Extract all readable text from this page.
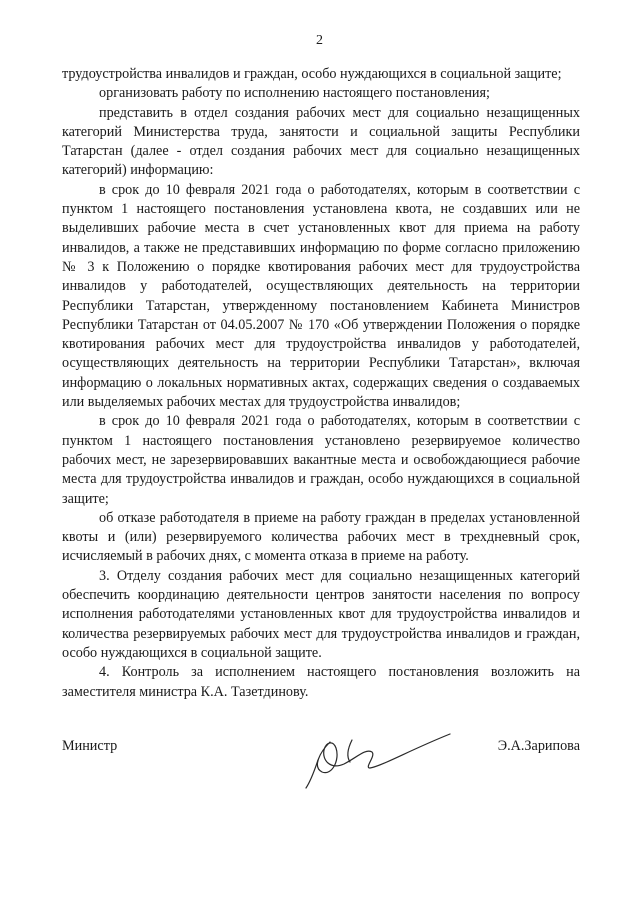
2

трудоустройства инвалидов и граждан, особо нуждающихся в социальной защите;

организовать работу по исполнению настоящего постановления;

представить в отдел создания рабочих мест для социально незащищенных категорий Министерства труда, занятости и социальной защиты Республики Татарстан (далее - отдел создания рабочих мест для социально незащищенных категорий) информацию:

в срок до 10 февраля 2021 года о работодателях, которым в соответствии с пунктом 1 настоящего постановления установлена квота, не создавших или не выделивших рабочие места в счет установленных квот для приема на работу инвалидов, а также не представивших информацию по форме согласно приложению № 3 к Положению о порядке квотирования рабочих мест для трудоустройства инвалидов у работодателей, осуществляющих деятельность на территории Республики Татарстан, утвержденному постановлением Кабинета Министров Республики Татарстан от 04.05.2007 № 170 «Об утверждении Положения о порядке квотирования рабочих мест для трудоустройства инвалидов у работодателей, осуществляющих деятельность на территории Республики Татарстан», включая информацию о локальных нормативных актах, содержащих сведения о создаваемых или выделяемых рабочих местах для трудоустройства инвалидов;

в срок до 10 февраля 2021 года о работодателях, которым в соответствии с пунктом 1 настоящего постановления установлено резервируемое количество рабочих мест, не зарезервировавших вакантные места и освобождающиеся рабочие места для трудоустройства инвалидов и граждан, особо нуждающихся в социальной защите;

об отказе работодателя в приеме на работу граждан в пределах установленной квоты и (или) резервируемого количества рабочих мест в трехдневный срок, исчисляемый в рабочих днях, с момента отказа в приеме на работу.

3. Отделу создания рабочих мест для социально незащищенных категорий обеспечить координацию деятельности центров занятости населения по вопросу исполнения работодателями установленных квот для трудоустройства инвалидов и количества резервируемых рабочих мест для трудоустройства инвалидов и граждан, особо нуждающихся в социальной защите.

4. Контроль за исполнением настоящего постановления возложить на заместителя министра К.А. Тазетдинову.

Министр	Э.А.Зарипова
